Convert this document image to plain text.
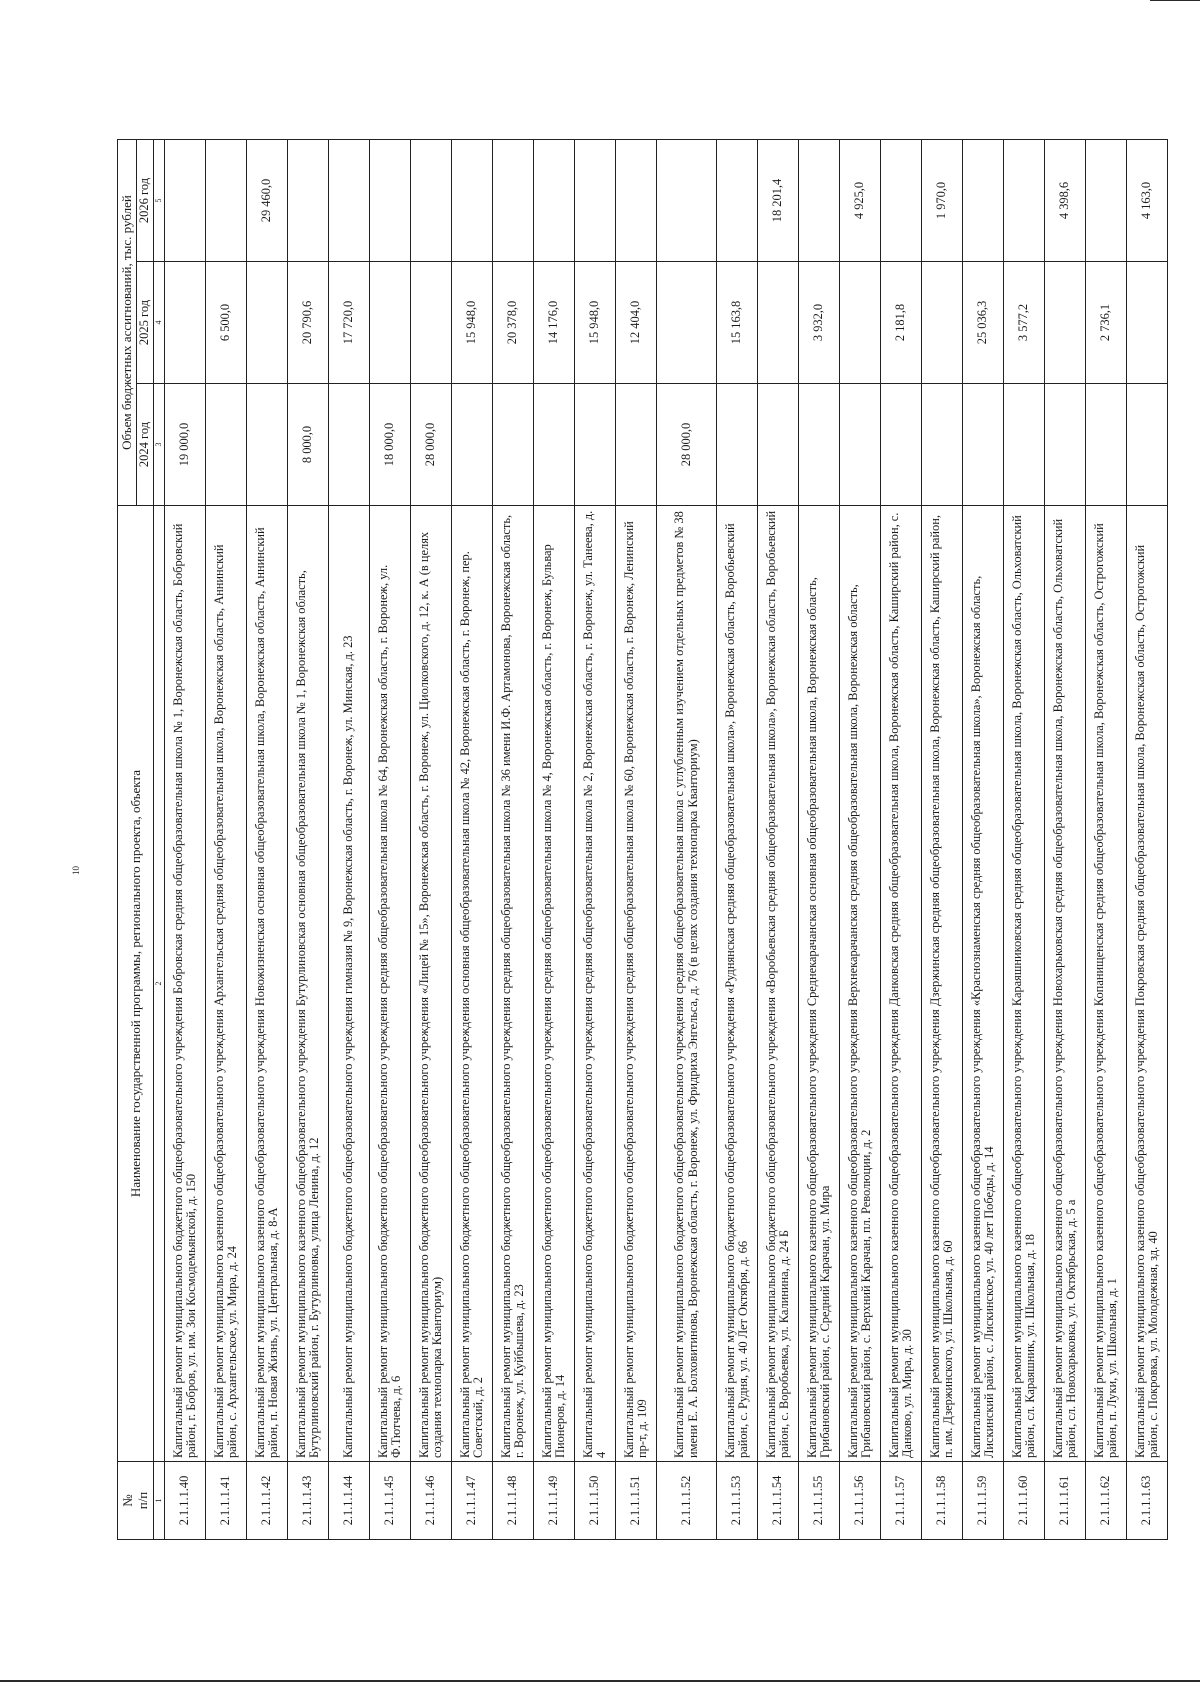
10
№
п/п	Наименование государственной программы, регионального проекта, объекта	Объем бюджетных ассигнований, тыс. рублей		
		2024 год	2025 год	2026 год
1	2	3	4	5
2.1.1.1.40	Капитальный ремонт муниципального бюджетного общеобразовательного учреждения Бобровская средняя общеобразовательная школа № 1, Воронежская область, Бобровский район, г. Бобров, ул. им. Зои Космодемьянской, д. 150	19 000,0		
2.1.1.1.41	Капитальный ремонт муниципального казенного общеобразовательного учреждения Архангельская средняя общеобразовательная школа, Воронежская область, Аннинский район, с. Архангельское, ул. Мира, д. 24		6 500,0	
2.1.1.1.42	Капитальный ремонт муниципального казенного общеобразовательного учреждения Новожизненская основная общеобразовательная школа, Воронежская область, Аннинский район, п. Новая Жизнь, ул. Центральная, д. 8-А			29 460,0
2.1.1.1.43	Капитальный ремонт муниципального казенного общеобразовательного учреждения Бутурлиновская основная общеобразовательная школа № 1, Воронежская область, Бутурлиновский район, г. Бутурлиновка, улица Ленина, д. 12	8 000,0	20 790,6	
2.1.1.1.44	Капитальный ремонт муниципального бюджетного общеобразовательного учреждения гимназия № 9, Воронежская область, г. Воронеж, ул. Минская, д. 23		17 720,0	
2.1.1.1.45	Капитальный ремонт муниципального бюджетного общеобразовательного учреждения средняя общеобразовательная школа № 64, Воронежская область, г. Воронеж, ул. Ф.Тютчева, д. 6	18 000,0		
2.1.1.1.46	Капитальный ремонт муниципального бюджетного общеобразовательного учреждения «Лицей № 15», Воронежская область, г. Воронеж, ул. Циолковского, д. 12, к. А (в целях создания технопарка Кванториум)	28 000,0		
2.1.1.1.47	Капитальный ремонт муниципального бюджетного общеобразовательного учреждения основная общеобразовательная школа № 42, Воронежская область, г. Воронеж, пер. Советский, д. 2		15 948,0	
2.1.1.1.48	Капитальный ремонт муниципального бюджетного общеобразовательного учреждения средняя общеобразовательная школа № 36 имени И.Ф. Артамонова, Воронежская область, г. Воронеж, ул. Куйбышева, д. 23		20 378,0	
2.1.1.1.49	Капитальный ремонт муниципального бюджетного общеобразовательного учреждения средняя общеобразовательная школа № 4, Воронежская область, г. Воронеж, Бульвар Пионеров, д. 14		14 176,0	
2.1.1.1.50	Капитальный ремонт муниципального бюджетного общеобразовательного учреждения средняя общеобразовательная школа № 2, Воронежская область, г. Воронеж, ул. Танеева, д. 4		15 948,0	
2.1.1.1.51	Капитальный ремонт муниципального бюджетного общеобразовательного учреждения средняя общеобразовательная школа № 60, Воронежская область, г. Воронеж, Ленинский пр-т, д. 109		12 404,0	
2.1.1.1.52	Капитальный ремонт муниципального бюджетного общеобразовательного учреждения средняя общеобразовательная школа с углубленным изучением отдельных предметов № 38 имени Е. А. Болховитинова, Воронежская область, г. Воронеж, ул. Фридриха Энгельса, д. 76 (в целях создания технопарка Кванториум)	28 000,0		
2.1.1.1.53	Капитальный ремонт муниципального бюджетного общеобразовательного учреждения «Руднянская средняя общеобразовательная школа», Воронежская область, Воробьевский район, с. Рудня, ул. 40 Лет Октября, д. 66		15 163,8	
2.1.1.1.54	Капитальный ремонт муниципального бюджетного общеобразовательного учреждения «Воробьевская средняя общеобразовательная школа», Воронежская область, Воробьевский район, с. Воробьевка, ул. Калинина, д. 24 Б			18 201,4
2.1.1.1.55	Капитальный ремонт муниципального казенного общеобразовательного учреждения Среднекарачанская основная общеобразовательная школа, Воронежская область, Грибановский район, с. Средний Карачан, ул. Мира		3 932,0	
2.1.1.1.56	Капитальный ремонт муниципального казенного общеобразовательного учреждения Верхнекарачанская средняя общеобразовательная школа, Воронежская область, Грибановский район, с. Верхний Карачан, пл. Революции, д. 2			4 925,0
2.1.1.1.57	Капитальный ремонт муниципального казенного общеобразовательного учреждения Данковская средняя общеобразовательная школа, Воронежская область, Каширский район, с. Данково, ул. Мира, д. 30		2 181,8	
2.1.1.1.58	Капитальный ремонт муниципального казенного общеобразовательного учреждения Дзержинская средняя общеобразовательная школа, Воронежская область, Каширский район, п. им. Дзержинского, ул. Школьная, д. 60			1 970,0
2.1.1.1.59	Капитальный ремонт муниципального казенного общеобразовательного учреждения «Краснознаменская средняя общеобразовательная школа», Воронежская область, Лискинский район, с. Лискинское, ул. 40 лет Победы, д. 14		25 036,3	
2.1.1.1.60	Капитальный ремонт муниципального казенного общеобразовательного учреждения Караяшниковская средняя общеобразовательная школа, Воронежская область, Ольховатский район, сл. Караяшник, ул. Школьная, д. 18		3 577,2	
2.1.1.1.61	Капитальный ремонт муниципального казенного общеобразовательного учреждения Новохарьковская средняя общеобразовательная школа, Воронежская область, Ольховатский район, сл. Новохарьковка, ул. Октябрьская, д. 5 а			4 398,6
2.1.1.1.62	Капитальный ремонт муниципального казенного общеобразовательного учреждения Копанищенская средняя общеобразовательная школа, Воронежская область, Острогожский район, п. Луки, ул. Школьная, д. 1		2 736,1	
2.1.1.1.63	Капитальный ремонт муниципального казенного общеобразовательного учреждения Покровская средняя общеобразовательная школа, Воронежская область, Острогожский район, с. Покровка, ул. Молодежная, зд. 40			4 163,0
